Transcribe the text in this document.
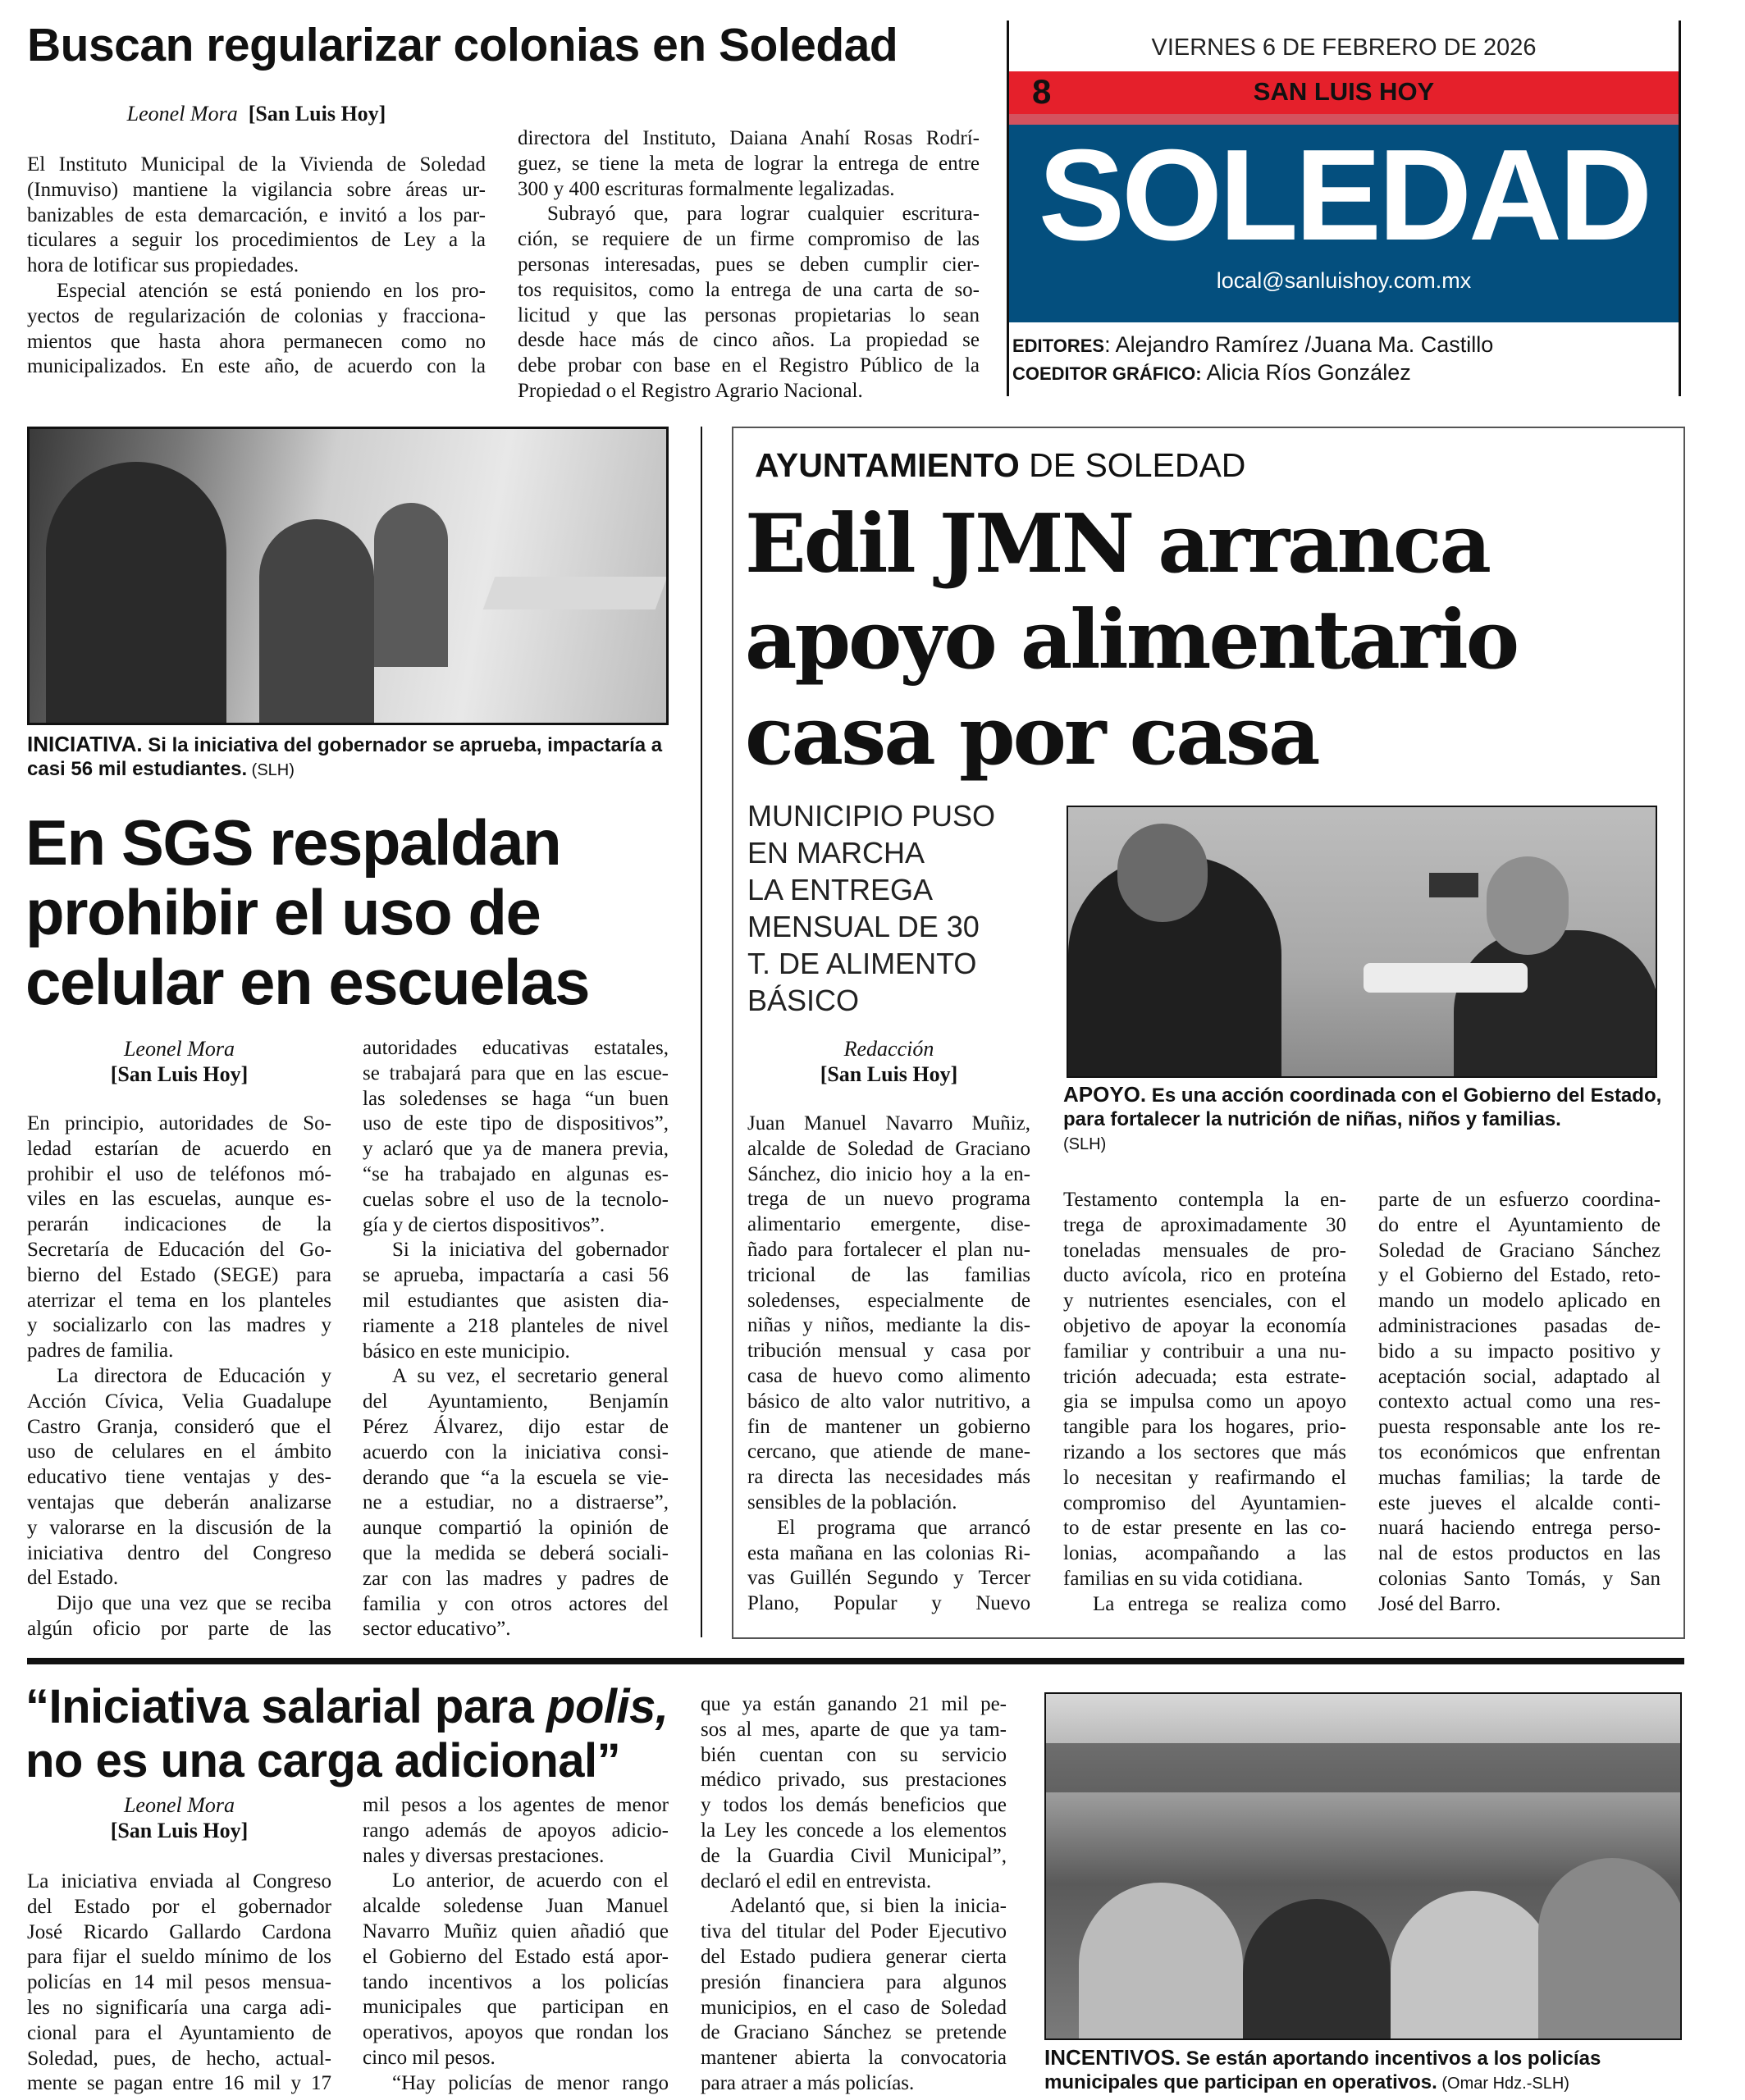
Buscan regularizar colonias en Soledad
Leonel Mora [San Luis Hoy]
El Instituto Municipal de la Vivienda de Soledad
(Inmuviso) mantiene la vigilancia sobre áreas ur-
banizables de esta demarcación, e invitó a los par-
ticulares a seguir los procedimientos de Ley a la
hora de lotificar sus propiedades.
Especial atención se está poniendo en los pro-
yectos de regularización de colonias y fracciona-
mientos que hasta ahora permanecen como no
municipalizados. En este año, de acuerdo con la
directora del Instituto, Daiana Anahí Rosas Rodrí-
guez, se tiene la meta de lograr la entrega de entre
300 y 400 escrituras formalmente legalizadas.
Subrayó que, para lograr cualquier escritura-
ción, se requiere de un firme compromiso de las
personas interesadas, pues se deben cumplir cier-
tos requisitos, como la entrega de una carta de so-
licitud y que las personas propietarias lo sean
desde hace más de cinco años. La propiedad se
debe probar con base en el Registro Público de la
Propiedad o el Registro Agrario Nacional.
VIERNES 6 DE FEBRERO DE 2026
8	SAN LUIS HOY
SOLEDAD
local@sanluishoy.com.mx
EDITORES: Alejandro Ramírez /Juana Ma. Castillo
COEDITOR GRÁFICO: Alicia Ríos González
INICIATIVA. Si la iniciativa del gobernador se aprueba, impactaría a casi 56 mil estudiantes. (SLH)
En SGS respaldan
prohibir el uso de
celular en escuelas
Leonel Mora
[San Luis Hoy]
En principio, autoridades de So-
ledad estarían de acuerdo en
prohibir el uso de teléfonos mó-
viles en las escuelas, aunque es-
perarán indicaciones de la
Secretaría de Educación del Go-
bierno del Estado (SEGE) para
aterrizar el tema en los planteles
y socializarlo con las madres y
padres de familia.
La directora de Educación y
Acción Cívica, Velia Guadalupe
Castro Granja, consideró que el
uso de celulares en el ámbito
educativo tiene ventajas y des-
ventajas que deberán analizarse
y valorarse en la discusión de la
iniciativa dentro del Congreso
del Estado.
Dijo que una vez que se reciba
algún oficio por parte de las
autoridades educativas estatales,
se trabajará para que en las escue-
las soledenses se haga “un buen
uso de este tipo de dispositivos”,
y aclaró que ya de manera previa,
“se ha trabajado en algunas es-
cuelas sobre el uso de la tecnolo-
gía y de ciertos dispositivos”.
Si la iniciativa del gobernador
se aprueba, impactaría a casi 56
mil estudiantes que asisten dia-
riamente a 218 planteles de nivel
básico en este municipio.
A su vez, el secretario general
del Ayuntamiento, Benjamín
Pérez Álvarez, dijo estar de
acuerdo con la iniciativa consi-
derando que “a la escuela se vie-
ne a estudiar, no a distraerse”,
aunque compartió la opinión de
que la medida se deberá sociali-
zar con las madres y padres de
familia y con otros actores del
sector educativo”.
AYUNTAMIENTO DE SOLEDAD
Edil JMN arranca
apoyo alimentario
casa por casa
MUNICIPIO PUSO
EN MARCHA
LA ENTREGA
MENSUAL DE 30
T. DE ALIMENTO
BÁSICO
APOYO. Es una acción coordinada con el Gobierno del Estado, para fortalecer la nutrición de niñas, niños y familias.
(SLH)
Redacción
[San Luis Hoy]
Juan Manuel Navarro Muñiz,
alcalde de Soledad de Graciano
Sánchez, dio inicio hoy a la en-
trega de un nuevo programa
alimentario emergente, dise-
ñado para fortalecer el plan nu-
tricional de las familias
soledenses, especialmente de
niñas y niños, mediante la dis-
tribución mensual y casa por
casa de huevo como alimento
básico de alto valor nutritivo, a
fin de mantener un gobierno
cercano, que atiende de mane-
ra directa las necesidades más
sensibles de la población.
El programa que arrancó
esta mañana en las colonias Ri-
vas Guillén Segundo y Tercer
Plano, Popular y Nuevo
Testamento contempla la en-
trega de aproximadamente 30
toneladas mensuales de pro-
ducto avícola, rico en proteína
y nutrientes esenciales, con el
objetivo de apoyar la economía
familiar y contribuir a una nu-
trición adecuada; esta estrate-
gia se impulsa como un apoyo
tangible para los hogares, prio-
rizando a los sectores que más
lo necesitan y reafirmando el
compromiso del Ayuntamien-
to de estar presente en las co-
lonias, acompañando a las
familias en su vida cotidiana.
La entrega se realiza como
parte de un esfuerzo coordina-
do entre el Ayuntamiento de
Soledad de Graciano Sánchez
y el Gobierno del Estado, reto-
mando un modelo aplicado en
administraciones pasadas de-
bido a su impacto positivo y
aceptación social, adaptado al
contexto actual como una res-
puesta responsable ante los re-
tos económicos que enfrentan
muchas familias; la tarde de
este jueves el alcalde conti-
nuará haciendo entrega perso-
nal de estos productos en las
colonias Santo Tomás, y San
José del Barro.
“Iniciativa salarial para polis,
no es una carga adicional”
Leonel Mora
[San Luis Hoy]
La iniciativa enviada al Congreso
del Estado por el gobernador
José Ricardo Gallardo Cardona
para fijar el sueldo mínimo de los
policías en 14 mil pesos mensua-
les no significaría una carga adi-
cional para el Ayuntamiento de
Soledad, pues, de hecho, actual-
mente se pagan entre 16 mil y 17
mil pesos a los agentes de menor
rango además de apoyos adicio-
nales y diversas prestaciones.
Lo anterior, de acuerdo con el
alcalde soledense Juan Manuel
Navarro Muñiz quien añadió que
el Gobierno del Estado está apor-
tando incentivos a los policías
municipales que participan en
operativos, apoyos que rondan los
cinco mil pesos.
“Hay policías de menor rango
que ya están ganando 21 mil pe-
sos al mes, aparte de que ya tam-
bién cuentan con su servicio
médico privado, sus prestaciones
y todos los demás beneficios que
la Ley les concede a los elementos
de la Guardia Civil Municipal”,
declaró el edil en entrevista.
Adelantó que, si bien la inicia-
tiva del titular del Poder Ejecutivo
del Estado pudiera generar cierta
presión financiera para algunos
municipios, en el caso de Soledad
de Graciano Sánchez se pretende
mantener abierta la convocatoria
para atraer a más policías.
INCENTIVOS. Se están aportando incentivos a los policías municipales que participan en operativos. (Omar Hdz.-SLH)
